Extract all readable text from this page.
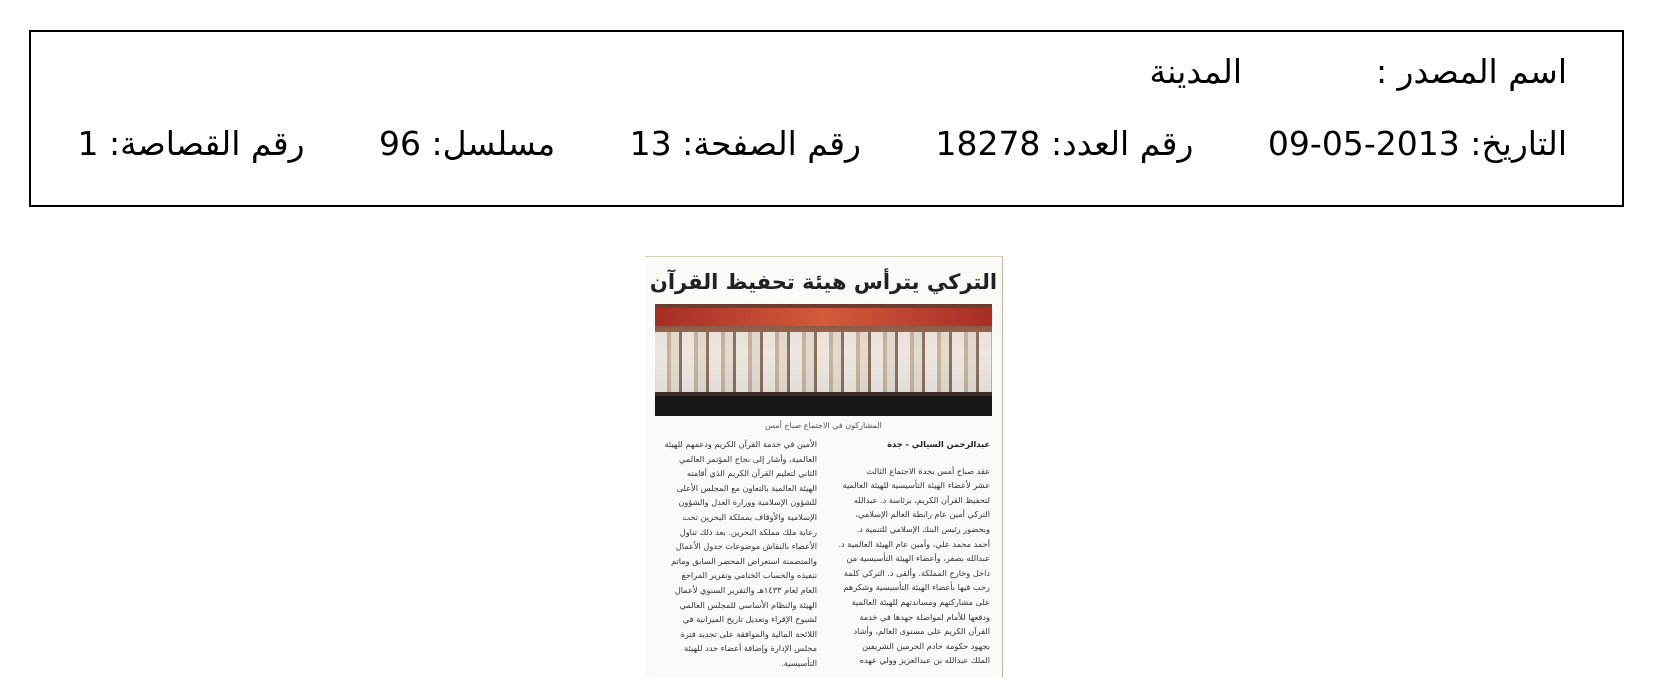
اسم المصدر :
المدينة
التاريخ: 2013-05-09 رقم العدد: 18278 رقم الصفحة: 13 مسلسل: 96 رقم القصاصة: 1
التركي يترأس هيئة تحفيظ القرآن
المشاركون في الاجتماع صباح أمس
عبدالرحمن السيالي - جدة
عقد صباح أمس بجدة الاجتماع الثالث
عشر لأعضاء الهيئة التأسيسية للهيئة العالمية
لتحفيظ القرآن الكريم، برئاسة د. عبدالله
التركي أمين عام رابطة العالم الإسلامي،
وبحضور رئيس البنك الإسلامي للتنمية د.
أحمد محمد علي، وأمين عام الهيئة العالمية د.
عبدالله بصفر، وأعضاء الهيئة التأسيسية من
داخل وخارج المملكة. وألقى د. التركي كلمة
رحب فيها بأعضاء الهيئة التأسيسية وشكرهم
على مشاركتهم ومساندتهم للهيئة العالمية
ودفعها للأمام لمواصلة جهدها في خدمة
القرآن الكريم على مستوى العالم، وأشاد
بجهود حكومة خادم الحرمين الشريفين
الملك عبدالله بن عبدالعزيز وولي عهده
الأمين في خدمة القرآن الكريم ودعمهم للهيئة
العالمية، وأشار إلى نجاح المؤتمر العالمي
الثاني لتعليم القرآن الكريم الذي أقامته
الهيئة العالمية بالتعاون مع المجلس الأعلى
للشؤون الإسلامية ووزارة العدل والشؤون
الإسلامية والأوقاف بمملكة البحرين تحت
رعاية ملك مملكة البحرين. بعد ذلك تناول
الأعضاء بالنقاش موضوعات جدول الأعمال
والمتضمنة استعراض المحضر السابق وماتم
تنفيذه والحساب الختامي وتقرير المراجع
العام لعام ١٤٣٣هـ والتقرير السنوي لأعمال
الهيئة والنظام الأساسي للمجلس العالمي
لشيوخ الإقراء وتعديل تاريخ الميزانية في
اللائحة المالية والموافقة على تجديد فترة
مجلس الإدارة وإضافة أعضاء جدد للهيئة
التأسيسية.
